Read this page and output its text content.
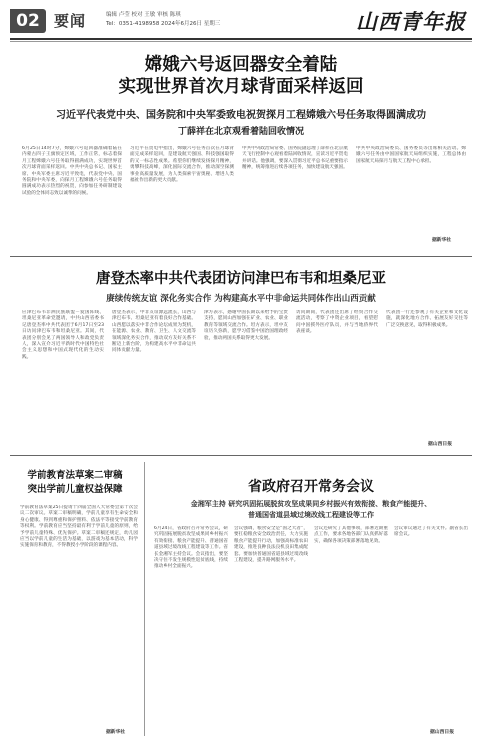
02 要闻	编辑 卢莹 校对 王敏 审核 陈琪
Tel：0351-4198958 2024年6月26日 星期三	山西青年报
嫦娥六号返回器安全着陆
实现世界首次月球背面采样返回
习近平代表党中央、国务院和中央军委致电祝贺探月工程嫦娥六号任务取得圆满成功
丁薛祥在北京观看着陆回收情况
6月25日14时7分，嫦娥六号返回器准确着陆在内蒙古四子王旗预定区域，工作正常，标志着探月工程嫦娥六号任务取得圆满成功，实现世界首次月球背面采样返回。中共中央总书记、国家主席、中央军委主席习近平致电，代表党中央、国务院和中央军委，向探月工程嫦娥六号任务取得圆满成功表示热烈的祝贺，向参加任务研制建设试验的全体同志致以诚挚的问候。
习近平在贺电中指出，嫦娥六号任务首次在月球背面完成采样返回，是建设航天强国、科技强国取得的又一标志性成果。希望你们继续发扬探月精神，勇攀科技高峰，深化国际交流合作，推动深空探测事业高质量发展，为人类探索宇宙奥秘、增进人类福祉作出新的更大贡献。
中共中央政治局常委、国务院副总理丁薛祥在北京航天飞行控制中心观看着陆回收情况，宣读习近平贺电并讲话。他强调，要深入贯彻习近平总书记重要指示精神，统筹推进后续各项任务，加快建设航天强国。
中共中央政治局委员、国务委员等出席相关活动。嫦娥六号任务由中国国家航天局组织实施，工程总体由国家航天局探月与航天工程中心承担。
据新华社
唐登杰率中共代表团访问津巴布韦和坦桑尼亚
赓续传统友谊 深化务实合作 为构建高水平中非命运共同体作出山西贡献
应津巴布韦非洲民族联盟－爱国阵线、坦桑尼亚革命党邀请，中共山西省委书记唐登杰率中共代表团于6月17日至23日访问津巴布韦和坦桑尼亚。其间，代表团分别会见了两国领导人和政党负责人，深入宣介习近平新时代中国特色社会主义思想和中国式现代化的生动实践。
唐登杰表示，中非友谊源远流长，山西与津巴布韦、坦桑尼亚有着良好合作基础。山西愿以落实中非合作论坛成果为契机，在能源、农业、教育、卫生、人文交流等领域深化务实合作，推动双方友好关系不断迈上新台阶，为构建高水平中非命运共同体贡献力量。
津方表示，感谢中国长期以来给予的宝贵支持，愿同山西加强在矿业、农业、职业教育等领域交流合作。坦方表示，坦中友谊历久弥新，愿学习借鉴中国治国理政经验，推动两国关系取得更大发展。
访问期间，代表团还出席了经贸合作交流活动，考察了中资企业项目，看望慰问中国援外医疗队员，并与当地侨界代表座谈。
代表团一行还参观了有关企业和文化设施，就深化地方合作、拓展友好交往等广泛交换意见，取得积极成果。
据山西日报
学前教育法草案二审稿
突出学前儿童权益保障
学前教育法草案25日提请十四届全国人大常委会第十次会议二次审议。草案二审稿明确，学前儿童享有生命安全和身心健康、得到尊重和保护照料、依法平等接受学前教育等权利。学前教育应当坚持最有利于学前儿童的原则，给予学前儿童特殊、优先保护。草案二审稿还规定，幼儿园应当以学前儿童的生活为基础，以游戏为基本活动，科学实施保育和教育，不得教授小学阶段的课程内容。
据新华社
省政府召开常务会议
金湘军主持 研究巩固拓展脱贫攻坚成果同乡村振兴有效衔接、粮食产能提升、
普通国省道县域过境改线工程建设等工作
6月24日，省政府召开常务会议，研究巩固拓展脱贫攻坚成果同乡村振兴有效衔接、粮食产能提升、普通国省道县域过境改线工程建设等工作。省长金湘军主持会议。会议指出，要坚决守住不发生规模性返贫底线，持续推动乡村全面振兴。
会议强调，粮食安全是“国之大者”，要扛稳粮食安全政治责任，大力实施粮食产能提升行动，加强高标准农田建设，推进良种良法良机良田集成配套。要加快普通国省道县域过境改线工程建设，提升路网服务水平。
会议还研究了其他事项，部署近期重点工作，要求各地各部门认真抓好落实，确保各项决策部署落地见效。
会议审议通过了有关文件。副省长出席会议。
据山西日报
